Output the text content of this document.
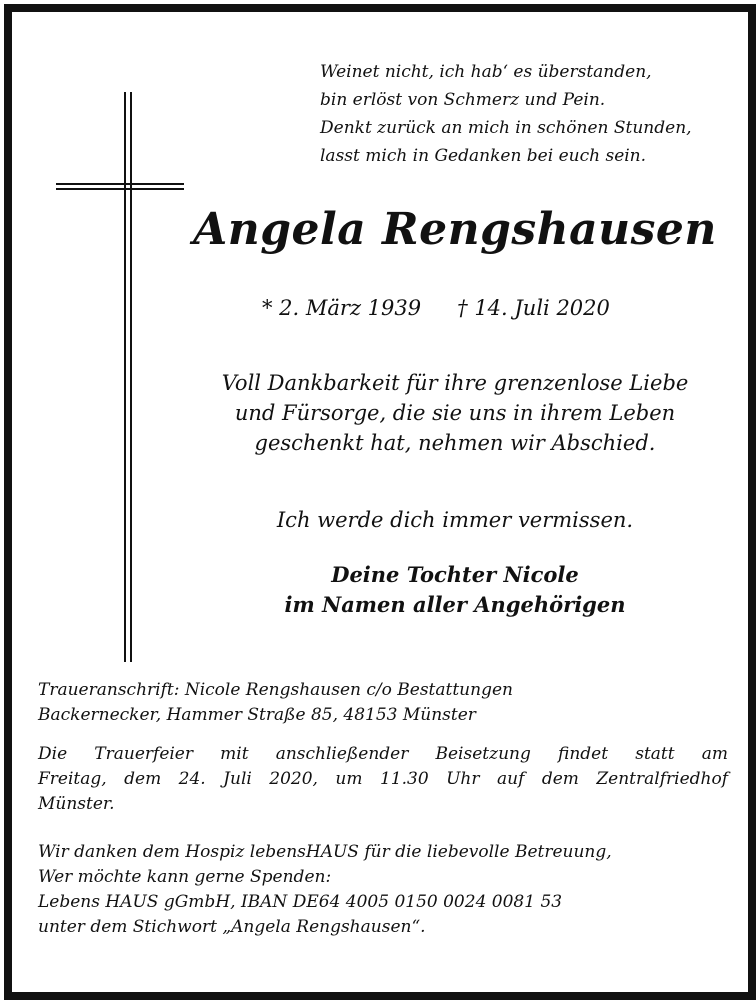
Weinet nicht, ich hab‘ es überstanden,
bin erlöst von Schmerz und Pein.
Denkt zurück an mich in schönen Stunden,
lasst mich in Gedanken bei euch sein.
Angela Rengshausen
* 2. März 1939 † 14. Juli 2020
Voll Dankbarkeit für ihre grenzenlose Liebe
und Fürsorge, die sie uns in ihrem Leben
geschenkt hat, nehmen wir Abschied.
Ich werde dich immer vermissen.
Deine Tochter Nicole
im Namen aller Angehörigen
Traueranschrift: Nicole Rengshausen c/o Bestattungen
Backernecker, Hammer Straße 85, 48153 Münster
Die Trauerfeier mit anschließender Beisetzung findet statt am
Freitag, dem 24. Juli 2020, um 11.30 Uhr auf dem Zentralfriedhof
Münster.
Wir danken dem Hospiz lebensHAUS für die liebevolle Betreuung,
Wer möchte kann gerne Spenden:
Lebens HAUS gGmbH, IBAN DE64 4005 0150 0024 0081 53
unter dem Stichwort „Angela Rengshausen“.
